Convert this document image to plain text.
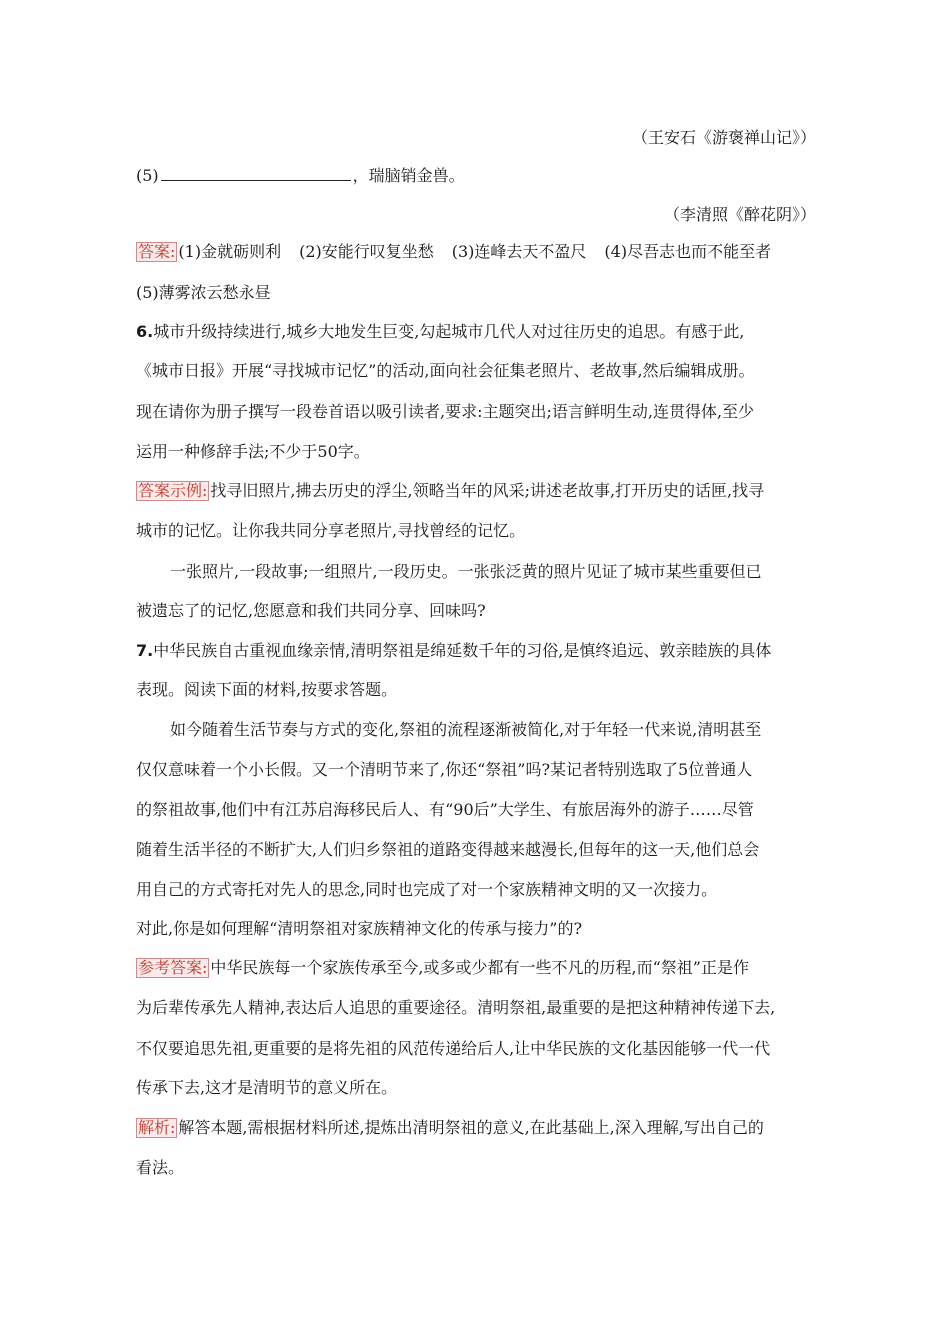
（王安石《游褒禅山记》）
(5)	，瑞脑销金兽。
（李清照《醉花阴》）
答案: (1)金就砺则利 (2)安能行叹复坐愁 (3)连峰去天不盈尺 (4)尽吾志也而不能至者
(5)薄雾浓云愁永昼
6.城市升级持续进行,城乡大地发生巨变,勾起城市几代人对过往历史的追思。有感于此,
《城市日报》开展“寻找城市记忆”的活动,面向社会征集老照片、老故事,然后编辑成册。
现在请你为册子撰写一段卷首语以吸引读者,要求:主题突出;语言鲜明生动,连贯得体,至少
运用一种修辞手法;不少于50字。
答案示例: 找寻旧照片,拂去历史的浮尘,领略当年的风采;讲述老故事,打开历史的话匣,找寻
城市的记忆。让你我共同分享老照片,寻找曾经的记忆。
一张照片,一段故事;一组照片,一段历史。一张张泛黄的照片见证了城市某些重要但已
被遗忘了的记忆,您愿意和我们共同分享、回味吗?
7.中华民族自古重视血缘亲情,清明祭祖是绵延数千年的习俗,是慎终追远、敦亲睦族的具体
表现。阅读下面的材料,按要求答题。
如今随着生活节奏与方式的变化,祭祖的流程逐渐被简化,对于年轻一代来说,清明甚至
仅仅意味着一个小长假。又一个清明节来了,你还“祭祖”吗?某记者特别选取了5位普通人
的祭祖故事,他们中有江苏启海移民后人、有“90后”大学生、有旅居海外的游子……尽管
随着生活半径的不断扩大,人们归乡祭祖的道路变得越来越漫长,但每年的这一天,他们总会
用自己的方式寄托对先人的思念,同时也完成了对一个家族精神文明的又一次接力。
对此,你是如何理解“清明祭祖对家族精神文化的传承与接力”的?
参考答案: 中华民族每一个家族传承至今,或多或少都有一些不凡的历程,而“祭祖”正是作
为后辈传承先人精神,表达后人追思的重要途径。清明祭祖,最重要的是把这种精神传递下去,
不仅要追思先祖,更重要的是将先祖的风范传递给后人,让中华民族的文化基因能够一代一代
传承下去,这才是清明节的意义所在。
解析: 解答本题,需根据材料所述,提炼出清明祭祖的意义,在此基础上,深入理解,写出自己的
看法。
